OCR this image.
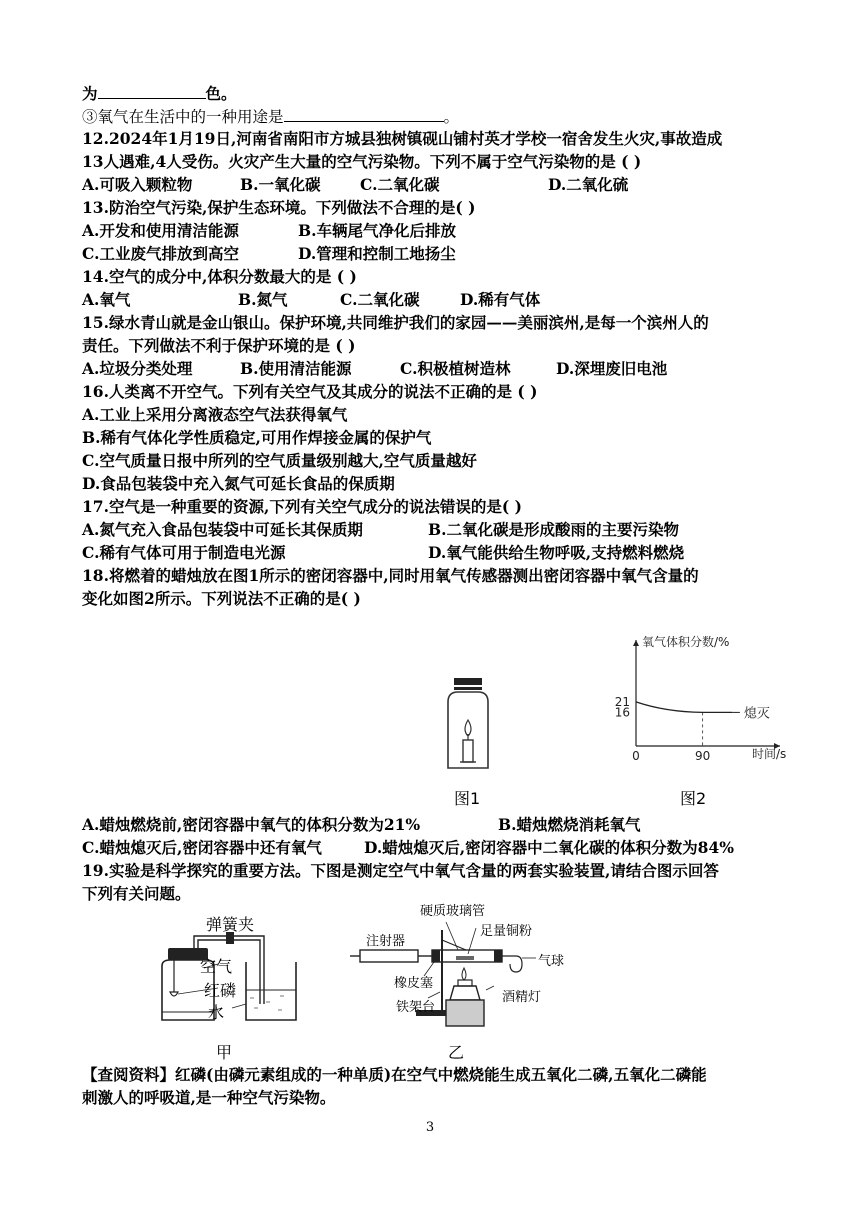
为	色。
③氧气在生活中的一种用途是	。
12.2024年1月19日,河南省南阳市方城县独树镇砚山铺村英才学校一宿舍发生火灾,事故造成
13人遇难,4人受伤。火灾产生大量的空气污染物。下列不属于空气污染物的是 ( )
A.可吸入颗粒物	B.一氧化碳	C.二氧化碳	D.二氧化硫
13.防治空气污染,保护生态环境。下列做法不合理的是( )
A.开发和使用清洁能源	B.车辆尾气净化后排放
C.工业废气排放到高空	D.管理和控制工地扬尘
14.空气的成分中,体积分数最大的是 ( )
A.氧气	B.氮气	C.二氧化碳	D.稀有气体
15.绿水青山就是金山银山。保护环境,共同维护我们的家园——美丽滨州,是每一个滨州人的
责任。下列做法不利于保护环境的是 ( )
A.垃圾分类处理	B.使用清洁能源	C.积极植树造林	D.深埋废旧电池
16.人类离不开空气。下列有关空气及其成分的说法不正确的是 ( )
A.工业上采用分离液态空气法获得氧气
B.稀有气体化学性质稳定,可用作焊接金属的保护气
C.空气质量日报中所列的空气质量级别越大,空气质量越好
D.食品包装袋中充入氮气可延长食品的保质期
17.空气是一种重要的资源,下列有关空气成分的说法错误的是( )
A.氮气充入食品包装袋中可延长其保质期	B.二氧化碳是形成酸雨的主要污染物
C.稀有气体可用于制造电光源	D.氧气能供给生物呼吸,支持燃料燃烧
18.将燃着的蜡烛放在图1所示的密闭容器中,同时用氧气传感器测出密闭容器中氧气含量的
变化如图2所示。下列说法不正确的是( )
图1
氧气体积分数/%
时间/s
21
16
0	90
熄灭
图2
A.蜡烛燃烧前,密闭容器中氧气的体积分数为21%	B.蜡烛燃烧消耗氧气
C.蜡烛熄灭后,密闭容器中还有氧气	D.蜡烛熄灭后,密闭容器中二氧化碳的体积分数为84%
19.实验是科学探究的重要方法。下图是测定空气中氧气含量的两套实验装置,请结合图示回答
下列有关问题。
弹簧夹
空气
红磷
水
甲
硬质玻璃管
注射器
足量铜粉
气球
橡皮塞
酒精灯
铁架台
乙
【查阅资料】红磷(由磷元素组成的一种单质)在空气中燃烧能生成五氧化二磷,五氧化二磷能
刺激人的呼吸道,是一种空气污染物。
3
